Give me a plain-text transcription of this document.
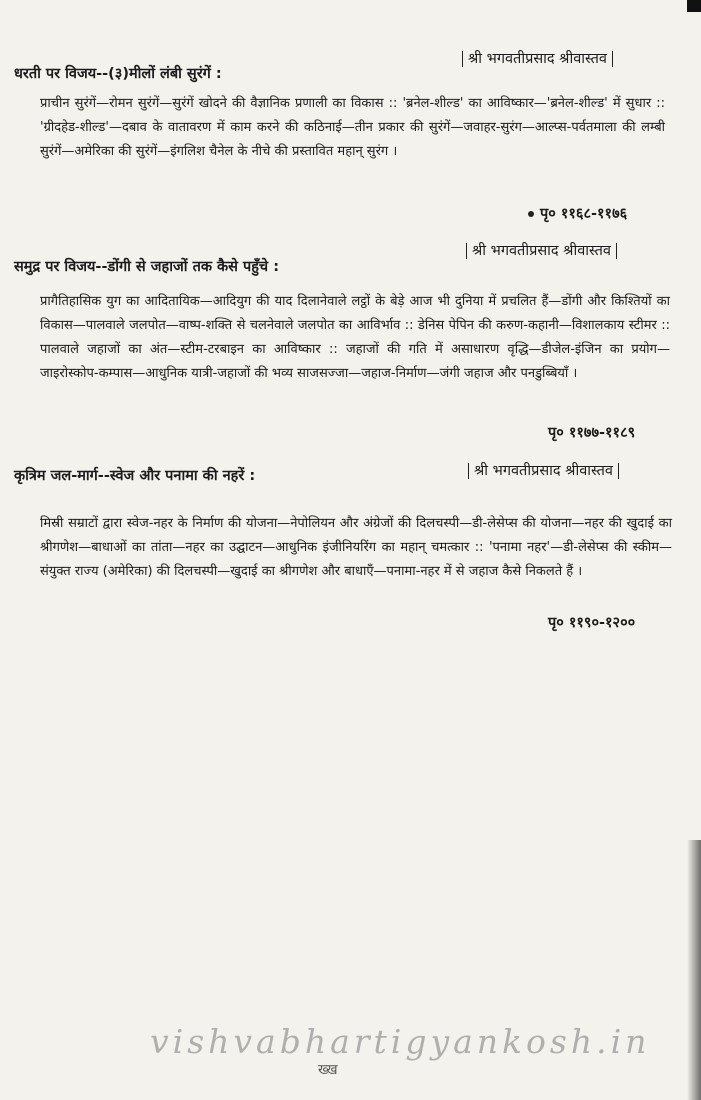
धरती पर विजय--(३)मीलों लंबी सुरंगें :
श्री भगवतीप्रसाद श्रीवास्तव
प्राचीन सुरंगें—रोमन सुरंगें—सुरंगें खोदने की वैज्ञानिक प्रणाली का विकास :: 'ब्रनेल-शील्ड' का आविष्कार—'ब्रनेल-शील्ड' में सुधार :: 'ग्रीदहेड-शील्ड'—दबाव के वातावरण में काम करने की कठिनाई—तीन प्रकार की सुरंगें—जवाहर-सुरंग—आल्प्स-पर्वतमाला की लम्बी सुरंगें—अमेरिका की सुरंगें—इंगलिश चैनेल के नीचे की प्रस्तावित महान् सुरंग ।
पृ० ११६८-११७६
समुद्र पर विजय--डोंगी से जहाजों तक कैसे पहुँचे :
श्री भगवतीप्रसाद श्रीवास्तव
प्रागैतिहासिक युग का आदितायिक—आदियुग की याद दिलानेवाले लट्ठों के बेड़े आज भी दुनिया में प्रचलित हैं—डोंगी और किश्तियों का विकास—पालवाले जलपोत—वाष्प-शक्ति से चलनेवाले जलपोत का आविर्भाव :: डेनिस पेपिन की करुण-कहानी—विशालकाय स्टीमर :: पालवाले जहाजों का अंत—स्टीम-टरबाइन का आविष्कार :: जहाजों की गति में असाधारण वृद्धि—डीजेल-इंजिन का प्रयोग—जाइरोस्कोप-कम्पास—आधुनिक यात्री-जहाजों की भव्य साजसज्जा—जहाज-निर्माण—जंगी जहाज और पनडुब्बियाँ ।
पृ० ११७७-११८९
कृत्रिम जल-मार्ग--स्वेज और पनामा की नहरें :	श्री भगवतीप्रसाद श्रीवास्तव
मिस्री सम्राटों द्वारा स्वेज-नहर के निर्माण की योजना—नेपोलियन और अंग्रेजों की दिलचस्पी—डी-लेसेप्स की योजना—नहर की खुदाई का श्रीगणेश—बाधाओं का तांता—नहर का उद्घाटन—आधुनिक इंजीनियरिंग का महान् चमत्कार :: 'पनामा नहर'—डी-लेसेप्स की स्कीम—संयुक्त राज्य (अमेरिका) की दिलचस्पी—खुदाई का श्रीगणेश और बाधाएँ—पनामा-नहर में से जहाज कैसे निकलते हैं ।
पृ० ११९०-१२००
vishvabhartigyankosh.in
ख्ख
